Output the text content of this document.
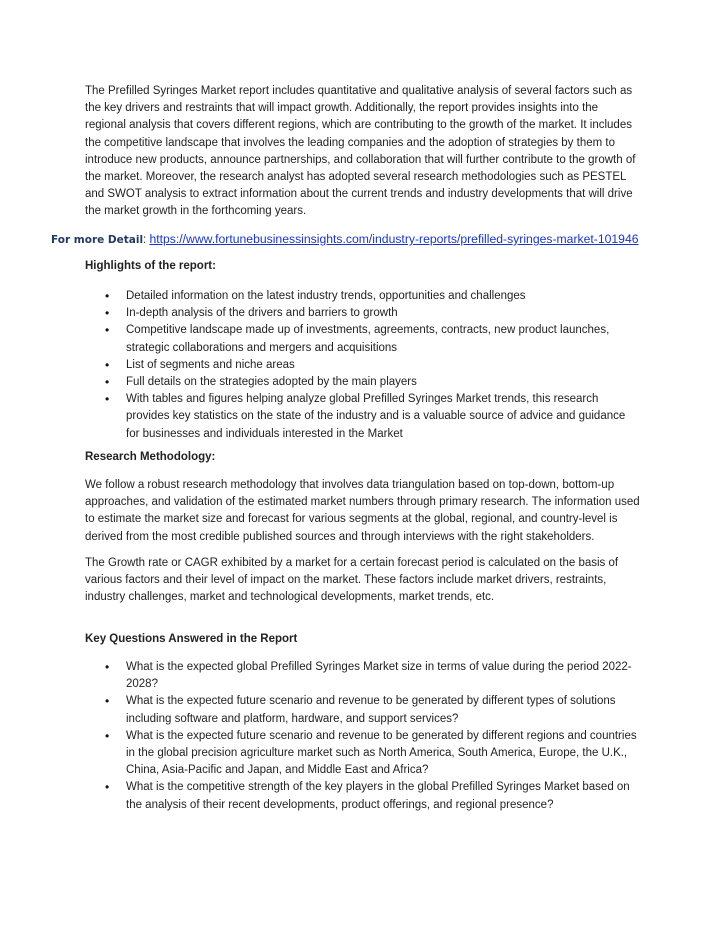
The Prefilled Syringes Market report includes quantitative and qualitative analysis of several factors such as the key drivers and restraints that will impact growth. Additionally, the report provides insights into the regional analysis that covers different regions, which are contributing to the growth of the market. It includes the competitive landscape that involves the leading companies and the adoption of strategies by them to introduce new products, announce partnerships, and collaboration that will further contribute to the growth of the market. Moreover, the research analyst has adopted several research methodologies such as PESTEL and SWOT analysis to extract information about the current trends and industry developments that will drive the market growth in the forthcoming years.

For more Detail: https://www.fortunebusinessinsights.com/industry-reports/prefilled-syringes-market-101946
Highlights of the report:
• Detailed information on the latest industry trends, opportunities and challenges
• In-depth analysis of the drivers and barriers to growth
• Competitive landscape made up of investments, agreements, contracts, new product launches, strategic collaborations and mergers and acquisitions
• List of segments and niche areas
• Full details on the strategies adopted by the main players
• With tables and figures helping analyze global Prefilled Syringes Market trends, this research provides key statistics on the state of the industry and is a valuable source of advice and guidance for businesses and individuals interested in the Market
Research Methodology:

We follow a robust research methodology that involves data triangulation based on top-down, bottom-up approaches, and validation of the estimated market numbers through primary research. The information used to estimate the market size and forecast for various segments at the global, regional, and country-level is derived from the most credible published sources and through interviews with the right stakeholders.

The Growth rate or CAGR exhibited by a market for a certain forecast period is calculated on the basis of various factors and their level of impact on the market. These factors include market drivers, restraints, industry challenges, market and technological developments, market trends, etc.

Key Questions Answered in the Report
• What is the expected global Prefilled Syringes Market size in terms of value during the period 2022-2028?
• What is the expected future scenario and revenue to be generated by different types of solutions including software and platform, hardware, and support services?
• What is the expected future scenario and revenue to be generated by different regions and countries in the global precision agriculture market such as North America, South America, Europe, the U.K., China, Asia-Pacific and Japan, and Middle East and Africa?
• What is the competitive strength of the key players in the global Prefilled Syringes Market based on the analysis of their recent developments, product offerings, and regional presence?
